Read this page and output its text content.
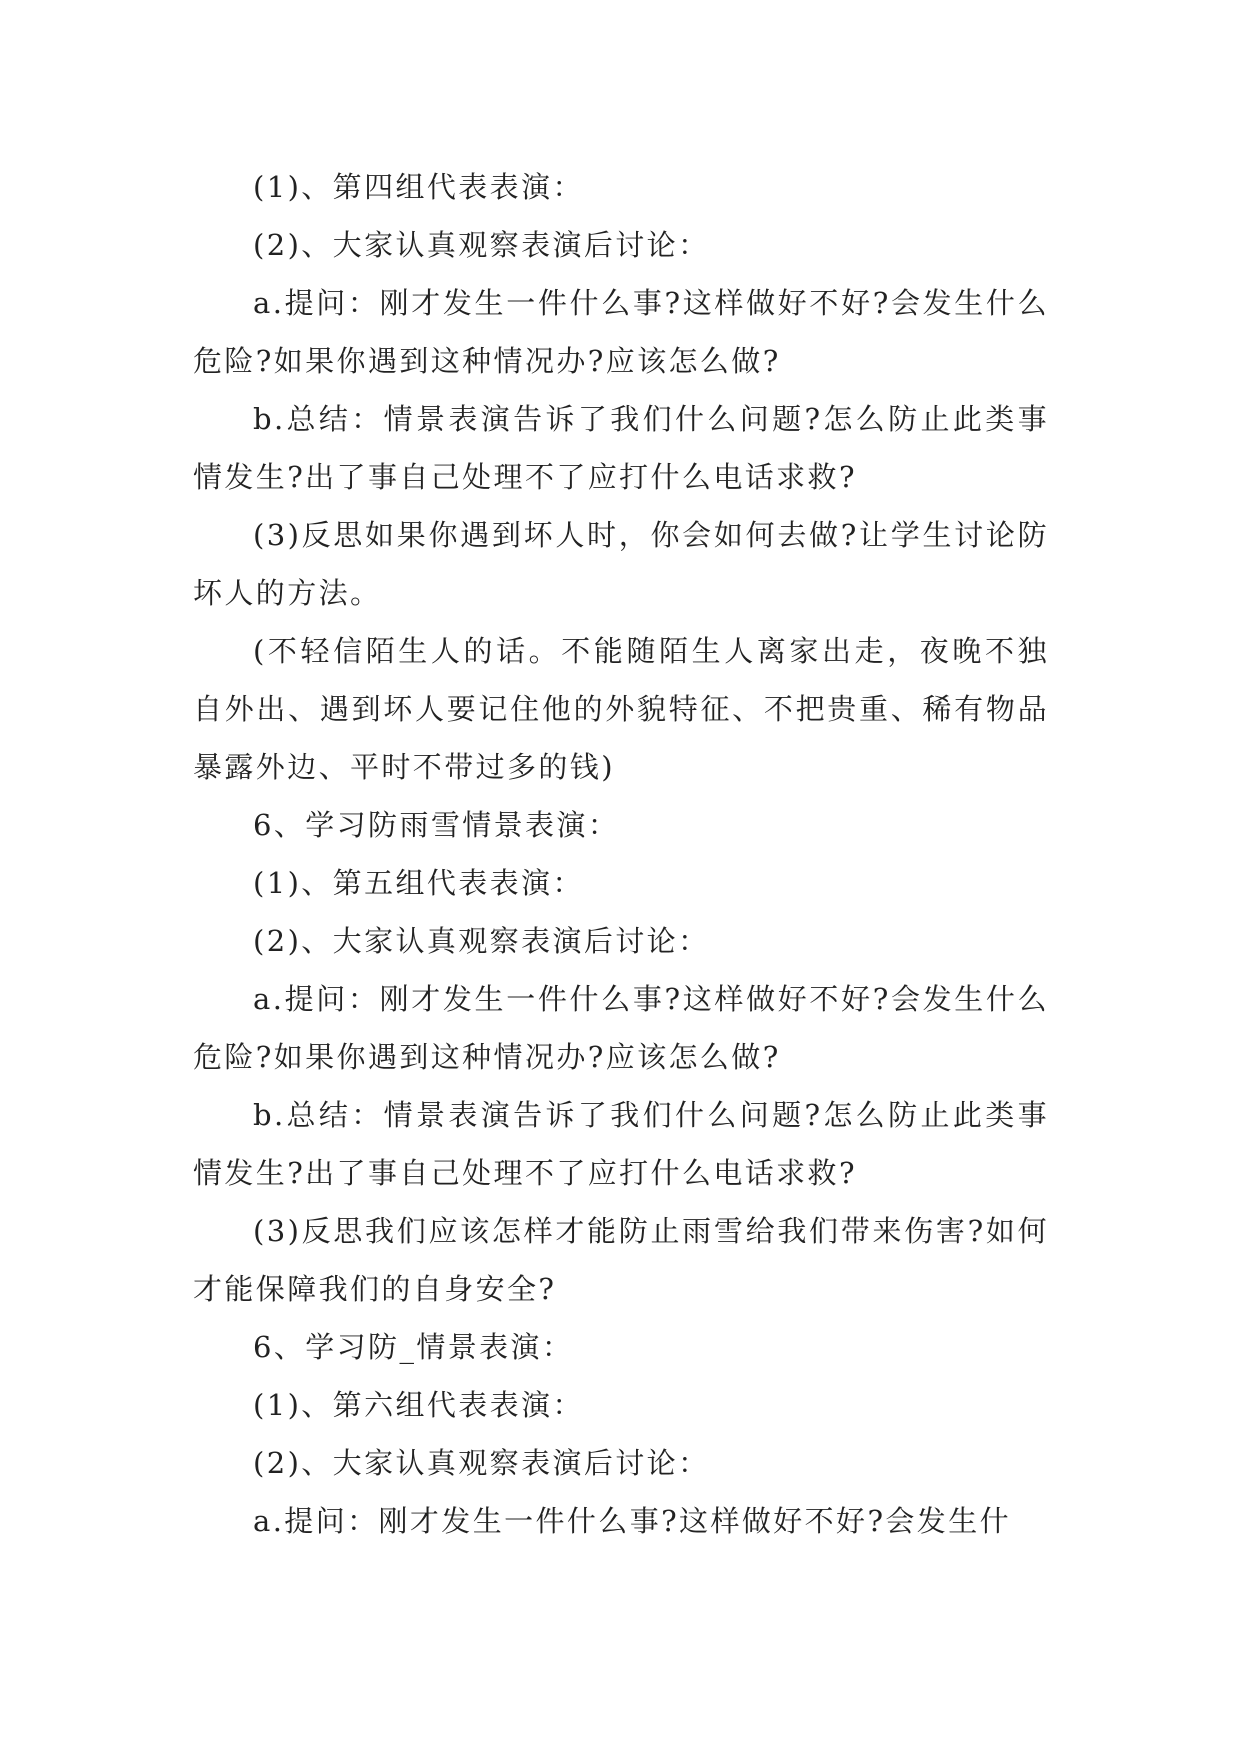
(1)、第四组代表表演：

(2)、大家认真观察表演后讨论：

a.提问：刚才发生一件什么事?这样做好不好?会发生什么危险?如果你遇到这种情况办?应该怎么做?

b.总结：情景表演告诉了我们什么问题?怎么防止此类事情发生?出了事自己处理不了应打什么电话求救?

(3)反思如果你遇到坏人时，你会如何去做?让学生讨论防坏人的方法。

(不轻信陌生人的话。不能随陌生人离家出走，夜晚不独自外出、遇到坏人要记住他的外貌特征、不把贵重、稀有物品暴露外边、平时不带过多的钱)

6、学习防雨雪情景表演：

(1)、第五组代表表演：

(2)、大家认真观察表演后讨论：

a.提问：刚才发生一件什么事?这样做好不好?会发生什么危险?如果你遇到这种情况办?应该怎么做?

b.总结：情景表演告诉了我们什么问题?怎么防止此类事情发生?出了事自己处理不了应打什么电话求救?

(3)反思我们应该怎样才能防止雨雪给我们带来伤害?如何才能保障我们的自身安全?

6、学习防_情景表演：

(1)、第六组代表表演：

(2)、大家认真观察表演后讨论：

a.提问：刚才发生一件什么事?这样做好不好?会发生什
